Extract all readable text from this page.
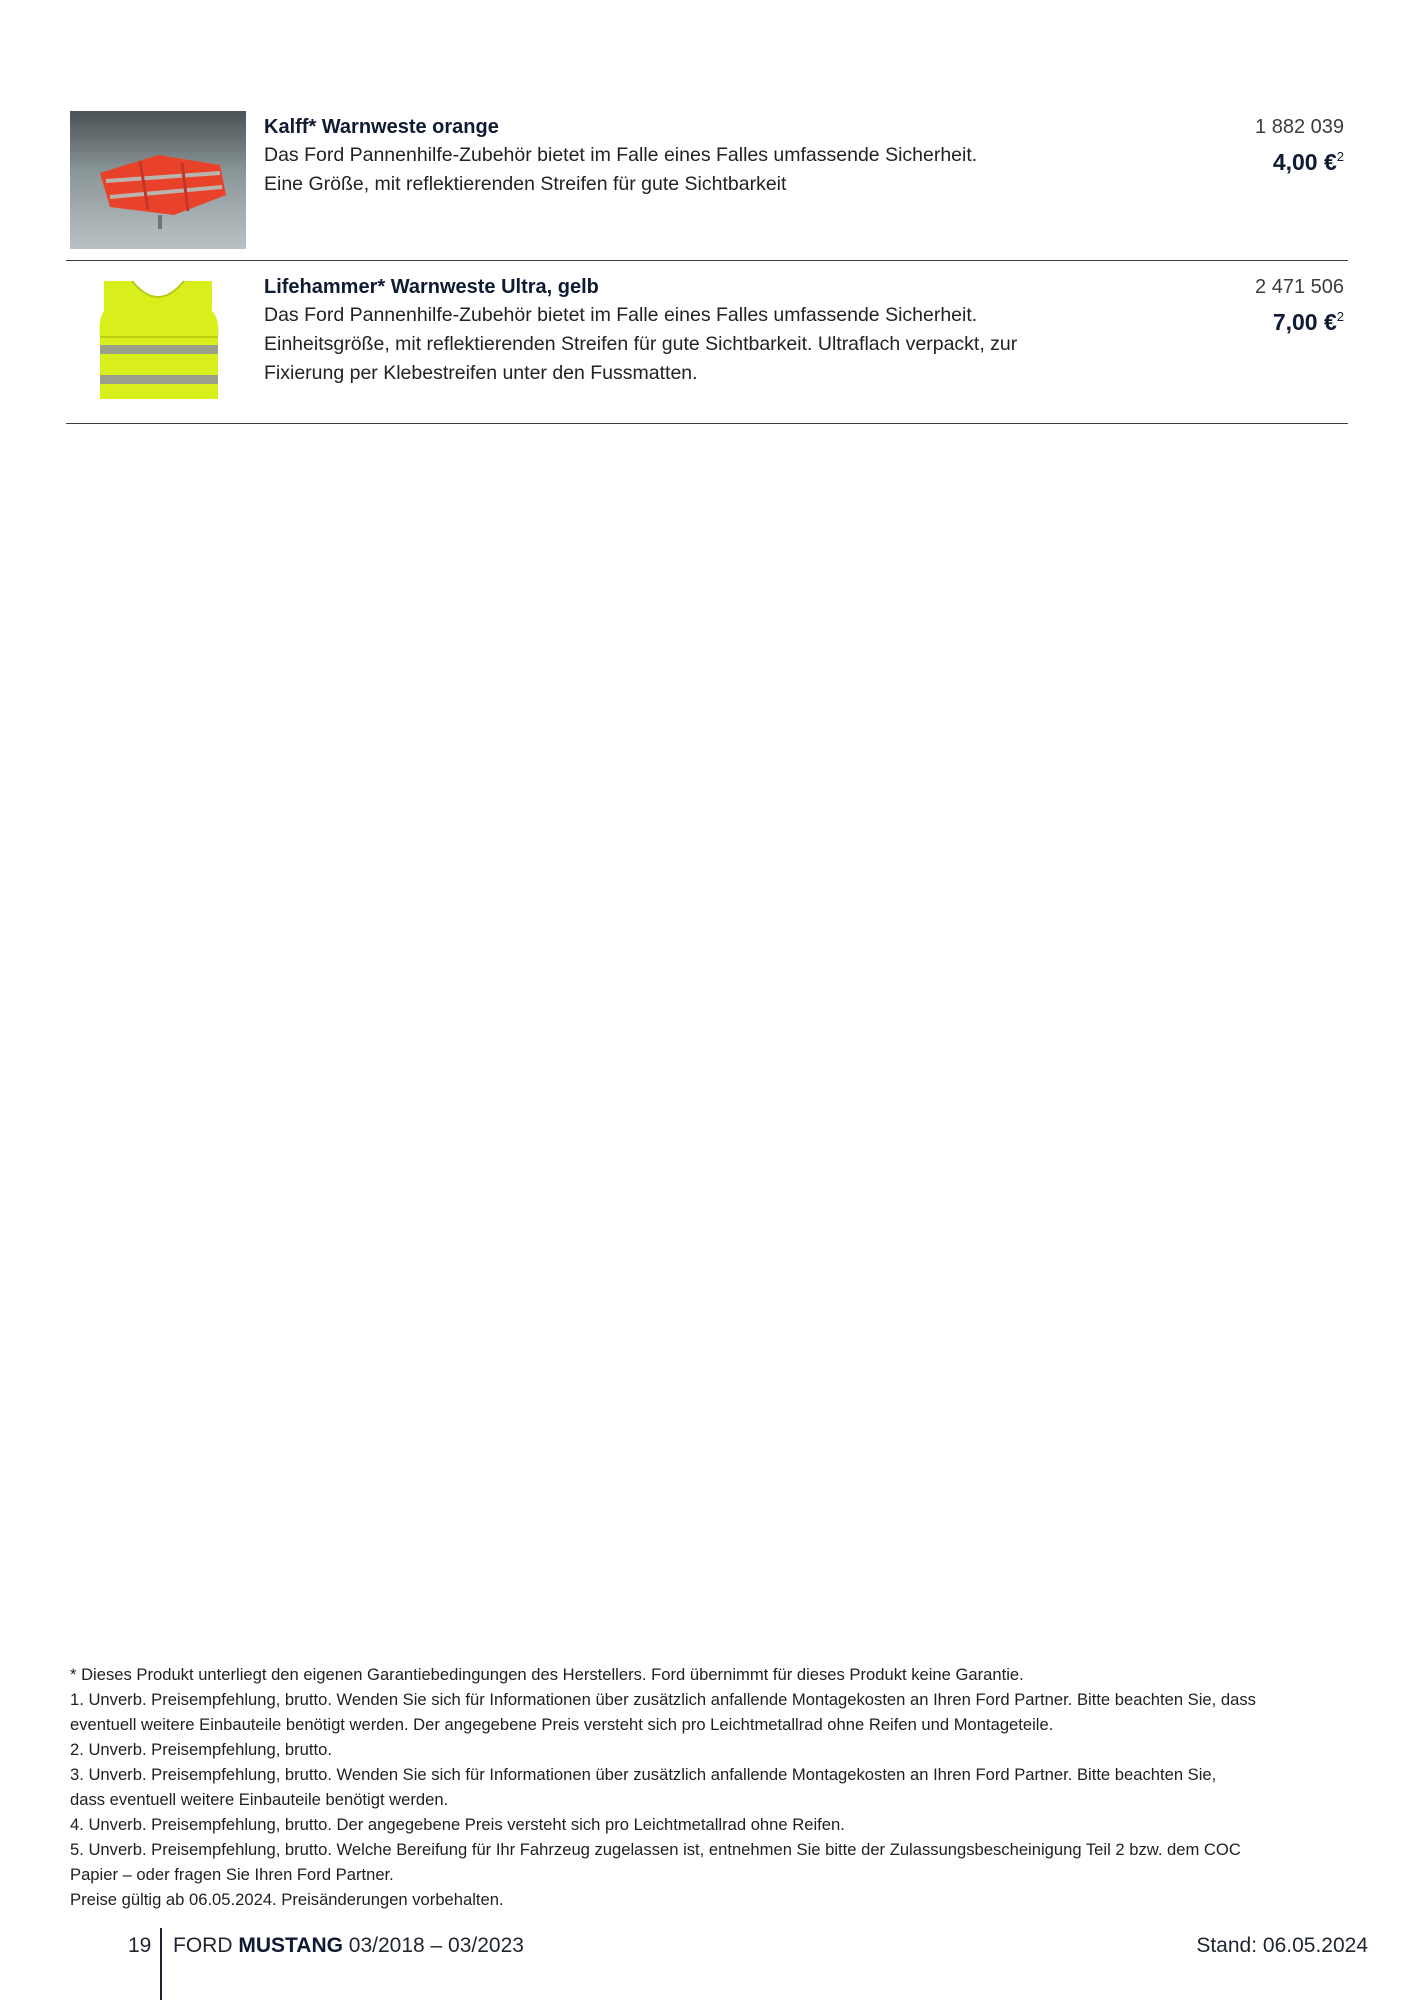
Kalff* Warnweste orange
Das Ford Pannenhilfe-Zubehör bietet im Falle eines Falles umfassende Sicherheit.
Eine Größe, mit reflektierenden Streifen für gute Sichtbarkeit
1 882 039
4,00 €$^2$
Lifehammer* Warnweste Ultra, gelb
Das Ford Pannenhilfe-Zubehör bietet im Falle eines Falles umfassende Sicherheit.
Einheitsgröße, mit reflektierenden Streifen für gute Sichtbarkeit. Ultraflach verpackt, zur
Fixierung per Klebestreifen unter den Fussmatten.
2 471 506
7,00 €$^2$
* Dieses Produkt unterliegt den eigenen Garantiebedingungen des Herstellers. Ford übernimmt für dieses Produkt keine Garantie.
1. Unverb. Preisempfehlung, brutto. Wenden Sie sich für Informationen über zusätzlich anfallende Montagekosten an Ihren Ford Partner. Bitte beachten Sie, dass
eventuell weitere Einbauteile benötigt werden. Der angegebene Preis versteht sich pro Leichtmetallrad ohne Reifen und Montageteile.
2. Unverb. Preisempfehlung, brutto.
3. Unverb. Preisempfehlung, brutto. Wenden Sie sich für Informationen über zusätzlich anfallende Montagekosten an Ihren Ford Partner. Bitte beachten Sie,
dass eventuell weitere Einbauteile benötigt werden.
4. Unverb. Preisempfehlung, brutto. Der angegebene Preis versteht sich pro Leichtmetallrad ohne Reifen.
5. Unverb. Preisempfehlung, brutto. Welche Bereifung für Ihr Fahrzeug zugelassen ist, entnehmen Sie bitte der Zulassungsbescheinigung Teil 2 bzw. dem COC
Papier – oder fragen Sie Ihren Ford Partner.
Preise gültig ab 06.05.2024. Preisänderungen vorbehalten.
19 FORD MUSTANG 03/2018 – 03/2023	Stand: 06.05.2024
